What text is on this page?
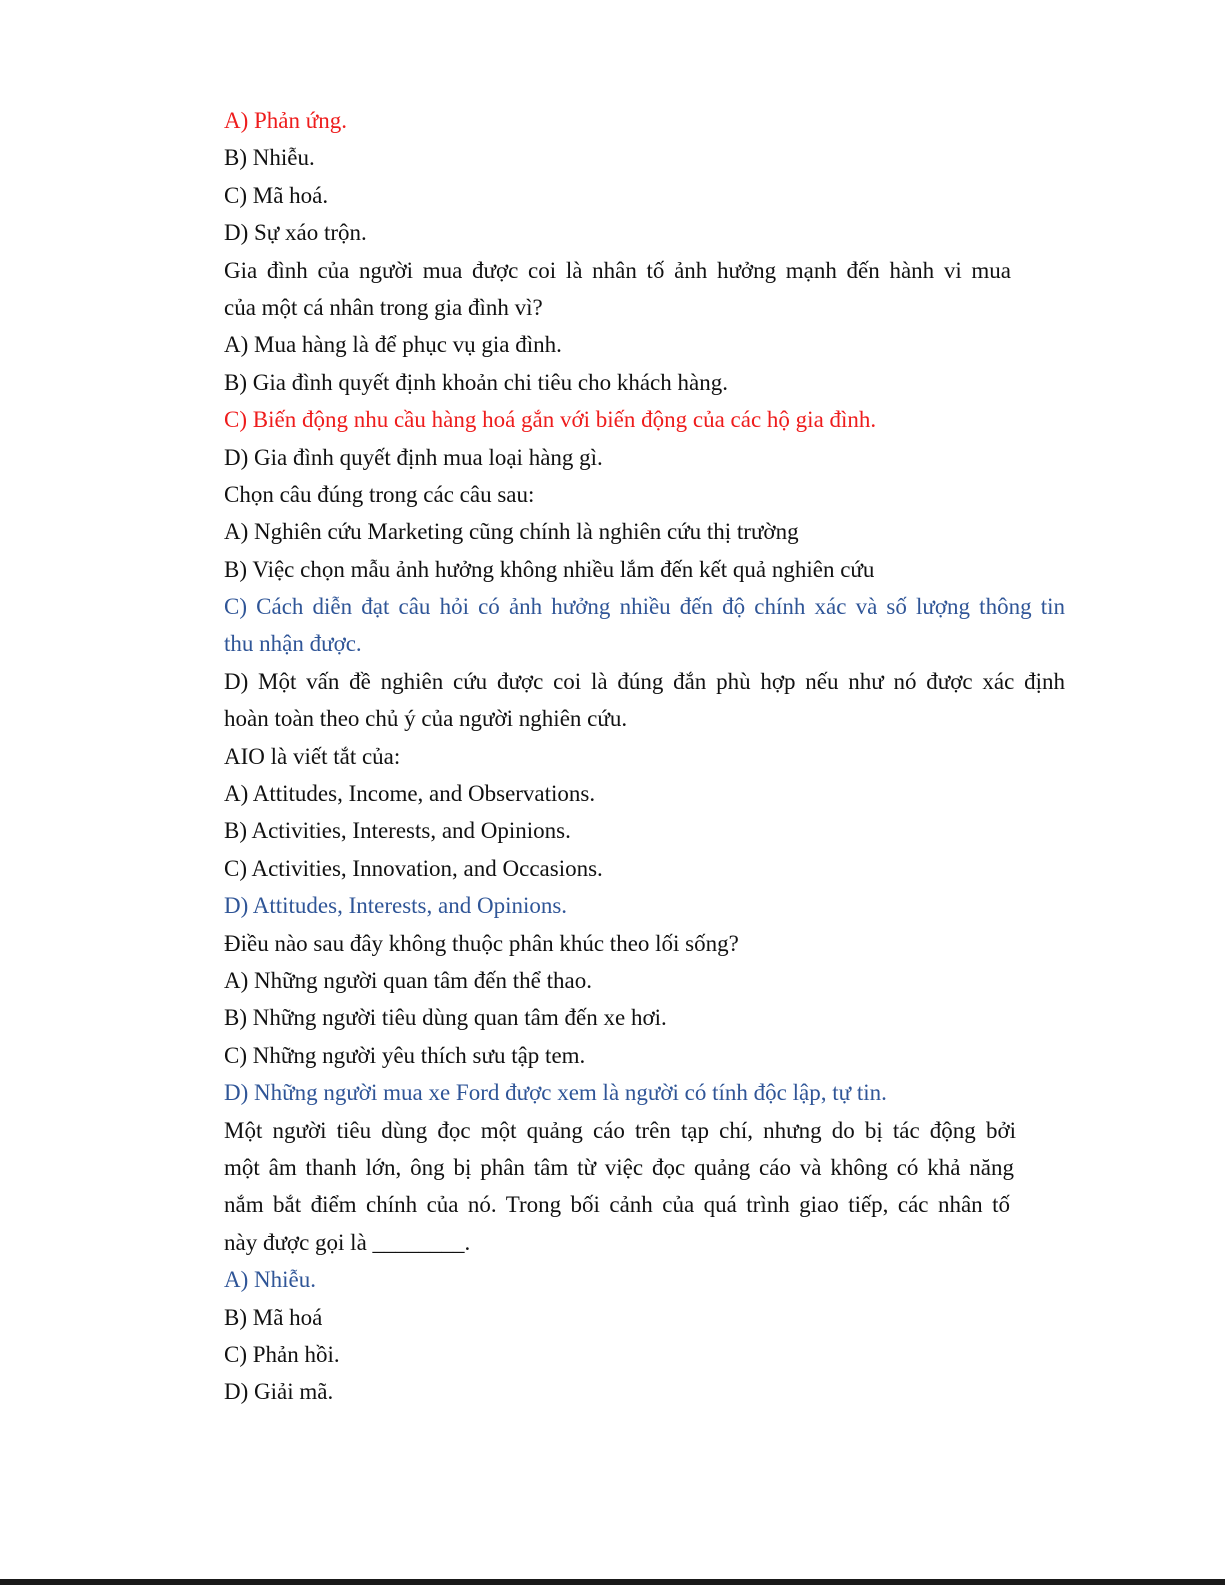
A) Phản ứng.
B) Nhiễu.
C) Mã hoá.
D) Sự xáo trộn.
Gia đình của người mua được coi là nhân tố ảnh hưởng mạnh đến hành vi mua
của một cá nhân trong gia đình vì?
A) Mua hàng là để phục vụ gia đình.
B) Gia đình quyết định khoản chi tiêu cho khách hàng.
C) Biến động nhu cầu hàng hoá gắn với biến động của các hộ gia đình.
D) Gia đình quyết định mua loại hàng gì.
Chọn câu đúng trong các câu sau:
A) Nghiên cứu Marketing cũng chính là nghiên cứu thị trường
B) Việc chọn mẫu ảnh hưởng không nhiều lắm đến kết quả nghiên cứu
C) Cách diễn đạt câu hỏi có ảnh hưởng nhiều đến độ chính xác và số lượng thông tin
thu nhận được.
D) Một vấn đề nghiên cứu được coi là đúng đắn phù hợp nếu như nó được xác định
hoàn toàn theo chủ ý của người nghiên cứu.
AIO là viết tắt của:
A) Attitudes, Income, and Observations.
B) Activities, Interests, and Opinions.
C) Activities, Innovation, and Occasions.
D) Attitudes, Interests, and Opinions.
Điều nào sau đây không thuộc phân khúc theo lối sống?
A) Những người quan tâm đến thể thao.
B) Những người tiêu dùng quan tâm đến xe hơi.
C) Những người yêu thích sưu tập tem.
D) Những người mua xe Ford được xem là người có tính độc lập, tự tin.
Một người tiêu dùng đọc một quảng cáo trên tạp chí, nhưng do bị tác động bởi
một âm thanh lớn, ông bị phân tâm từ việc đọc quảng cáo và không có khả năng
nắm bắt điểm chính của nó. Trong bối cảnh của quá trình giao tiếp, các nhân tố
này được gọi là ________.
A) Nhiễu.
B) Mã hoá
C) Phản hồi.
D) Giải mã.
